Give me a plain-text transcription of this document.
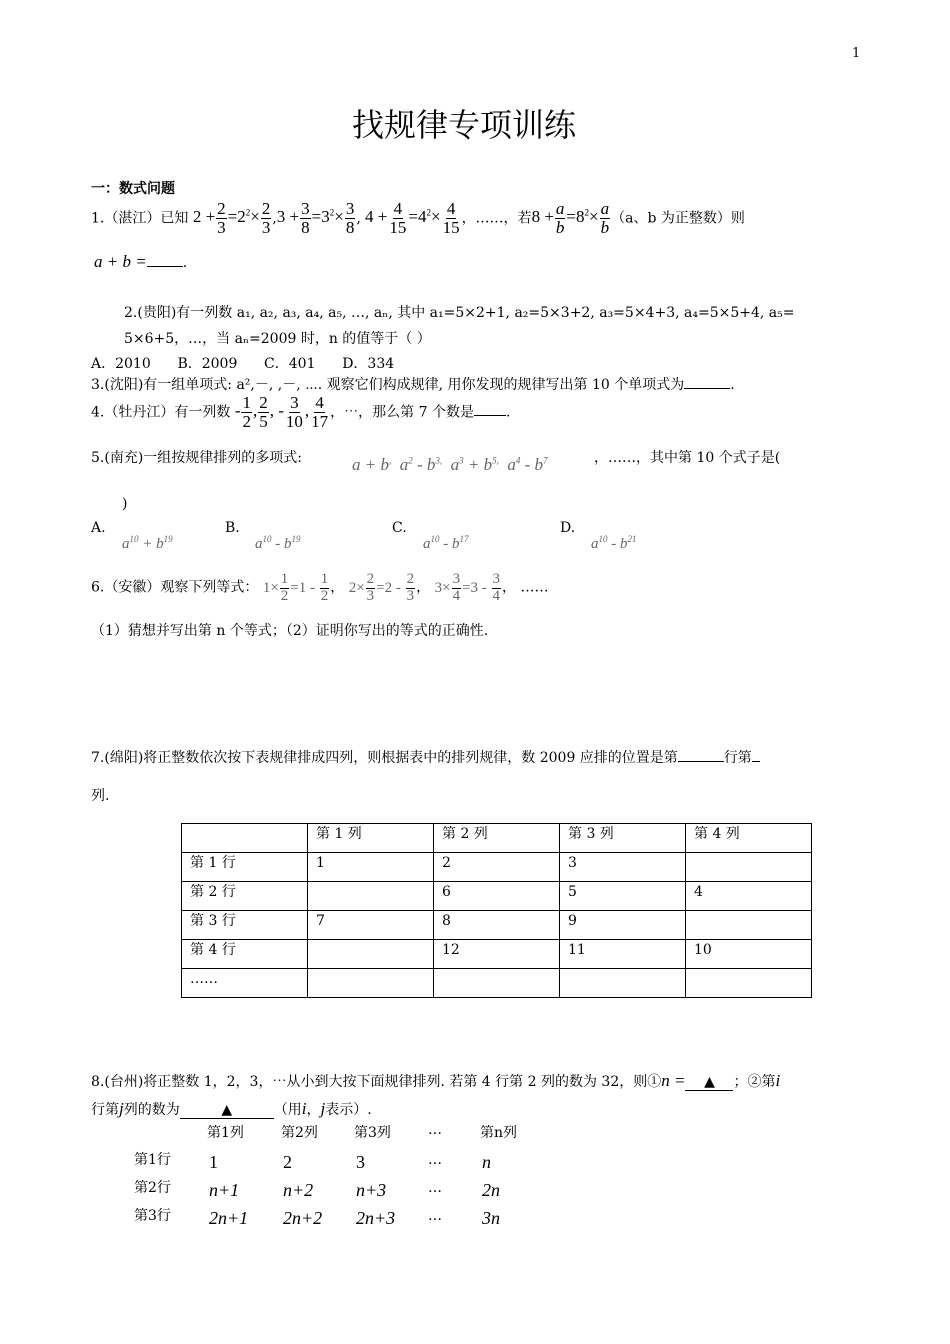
1
找规律专项训练
一：数式问题
1.（湛江）已知 $2 + \frac{2}{3} =2^2\times \frac{2}{3} ,3 + \frac{3}{8} =3^2\times \frac{3}{8}$ , $4 + \frac{4}{15} =4^2\times \frac{4}{15}$ ，……，若$8 + \frac{a}{b} =8^2\times \frac{a}{b} (a$、b 为正整数）则
a + b =	.
2.(贵阳)有一列数 a₁, a₂, a₃, a₄, a₅, …, aₙ, 其中 a₁=5×2+1, a₂=5×3+2, a₃=5×4+3, a₄=5×5+4, a₅=
5×6+5，…，当 aₙ=2009 时，n 的值等于（ ）
A．2010      B．2009      C．401      D．334
3.(沈阳)有一组单项式: a²,－, ,－, ⋯. 观察它们构成规律, 用你发现的规律写出第 10 个单项式为	.
4.（牡丹江）有一列数 - $\frac{1}{2}$ , $\frac{2}{5}$ , - $\frac{3}{10}$ , $\frac{4}{17}$ ，⋯，那么第 7 个数是 .
5.(南充)一组按规律排列的多项式:	a + b,  $a^2 - b^{3,}$  $a^3 + b^{5,}$  $a^4 - b^7$	，……，其中第 10 个式子是(
)
A.
$a^{10} + b^{19}$
B.
$a^{10} - b^{19}$
C.
$a^{10} - b^{17}$
D.
$a^{10} - b^{21}$
6.（安徽）观察下列等式： $1\times \frac{1}{2} =1 - \frac{1}{2}$ ， $2\times \frac{2}{3} =2 - \frac{2}{3}$ ， $3\times \frac{3}{4} =3 - \frac{3}{4}$ ， ……
（1）猜想并写出第 n 个等式；（2）证明你写出的等式的正确性.
7.(绵阳)将正整数依次按下表规律排成四列，则根据表中的排列规律，数 2009 应排的位置是第	行第
列.
	第 1 列	第 2 列	第 3 列	第 4 列
第 1 行	1	2	3	
第 2 行		6	5	4
第 3 行	7	8	9	
第 4 行		12	11	10
……				
8.(台州)将正整数 1，2，3，⋯从小到大按下面规律排列. 若第 4 行第 2 列的数为 32，则①n = ▲ ；②第i
行第j列的数为	▲	（用i，j表示）.
第1列	第2列	第3列	…	第n列
第1行 1	2	3	… n
第2行 n+1 n+2 n+3	… 2n
第3行 2n+1 2n+2 2n+3 … 3n
